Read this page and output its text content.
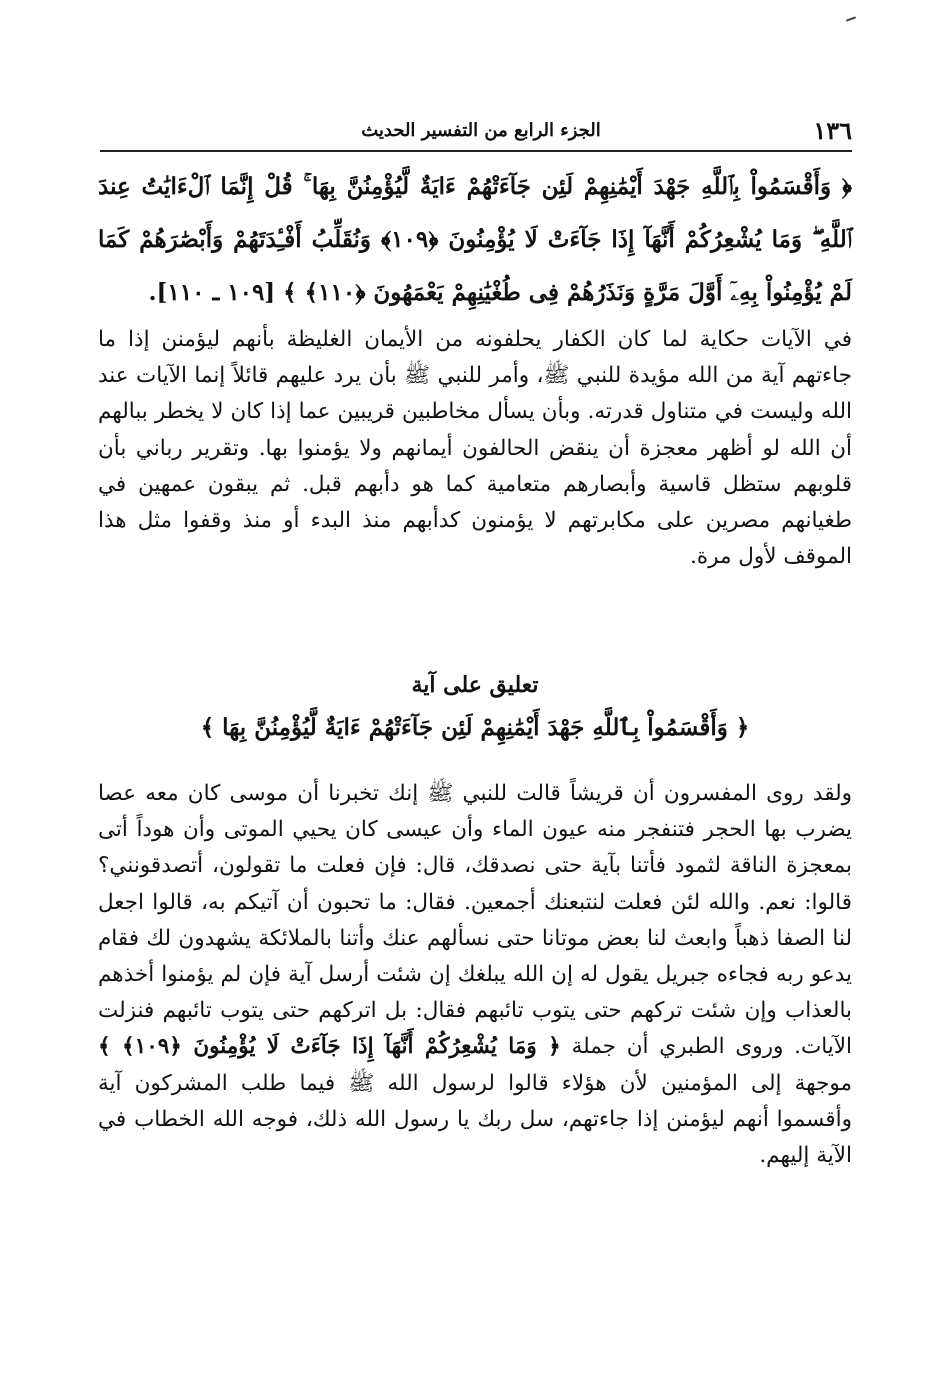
١٣٦
الجزء الرابع من التفسير الحديث
﴿ وَأَقْسَمُواْ بِٱللَّهِ جَهْدَ أَيْمَٰنِهِمْ لَئِن جَآءَتْهُمْ ءَايَةٌ لَّيُؤْمِنُنَّ بِهَا ۚ قُلْ إِنَّمَا ٱلْءَايَٰتُ عِندَ ٱللَّهِ ۖ وَمَا يُشْعِرُكُمْ أَنَّهَآ إِذَا جَآءَتْ لَا يُؤْمِنُونَ ﴿١٠٩﴾ وَنُقَلِّبُ أَفْـِٔدَتَهُمْ وَأَبْصَٰرَهُمْ كَمَا لَمْ يُؤْمِنُواْ بِهِۦٓ أَوَّلَ مَرَّةٍ وَنَذَرُهُمْ فِى طُغْيَٰنِهِمْ يَعْمَهُونَ ﴿١١٠﴾ ﴾ [١٠٩ ـ ١١٠].
في الآيات حكاية لما كان الكفار يحلفونه من الأيمان الغليظة بأنهم ليؤمنن إذا ما جاءتهم آية من الله مؤيدة للنبي ﷺ، وأمر للنبي ﷺ بأن يرد عليهم قائلاً إنما الآيات عند الله وليست في متناول قدرته. وبأن يسأل مخاطبين قريبين عما إذا كان لا يخطر ببالهم أن الله لو أظهر معجزة أن ينقض الحالفون أيمانهم ولا يؤمنوا بها. وتقرير رباني بأن قلوبهم ستظل قاسية وأبصارهم متعامية كما هو دأبهم قبل. ثم يبقون عمهين في طغيانهم مصرين على مكابرتهم لا يؤمنون كدأبهم منذ البدء أو منذ وقفوا مثل هذا الموقف لأول مرة.
تعليق على آية
﴿ وَأَقْسَمُواْ بِٱللَّهِ جَهْدَ أَيْمَٰنِهِمْ لَئِن جَآءَتْهُمْ ءَايَةٌ لَّيُؤْمِنُنَّ بِهَا ﴾
ولقد روى المفسرون أن قريشاً قالت للنبي ﷺ إنك تخبرنا أن موسى كان معه عصا يضرب بها الحجر فتنفجر منه عيون الماء وأن عيسى كان يحيي الموتى وأن هوداً أتى بمعجزة الناقة لثمود فأتنا بآية حتى نصدقك، قال: فإن فعلت ما تقولون، أتصدقونني؟ قالوا: نعم. والله لئن فعلت لنتبعنك أجمعين. فقال: ما تحبون أن آتيكم به، قالوا اجعل لنا الصفا ذهباً وابعث لنا بعض موتانا حتى نسألهم عنك وأتنا بالملائكة يشهدون لك فقام يدعو ربه فجاءه جبريل يقول له إن الله يبلغك إن شئت أرسل آية فإن لم يؤمنوا أخذهم بالعذاب وإن شئت تركهم حتى يتوب تائبهم فقال: بل اتركهم حتى يتوب تائبهم فنزلت الآيات. وروى الطبري أن جملة ﴿ وَمَا يُشْعِرُكُمْ أَنَّهَآ إِذَا جَآءَتْ لَا يُؤْمِنُونَ ﴿١٠٩﴾ ﴾ موجهة إلى المؤمنين لأن هؤلاء قالوا لرسول الله ﷺ فيما طلب المشركون آية وأقسموا أنهم ليؤمنن إذا جاءتهم، سل ربك يا رسول الله ذلك، فوجه الله الخطاب في الآية إليهم.
